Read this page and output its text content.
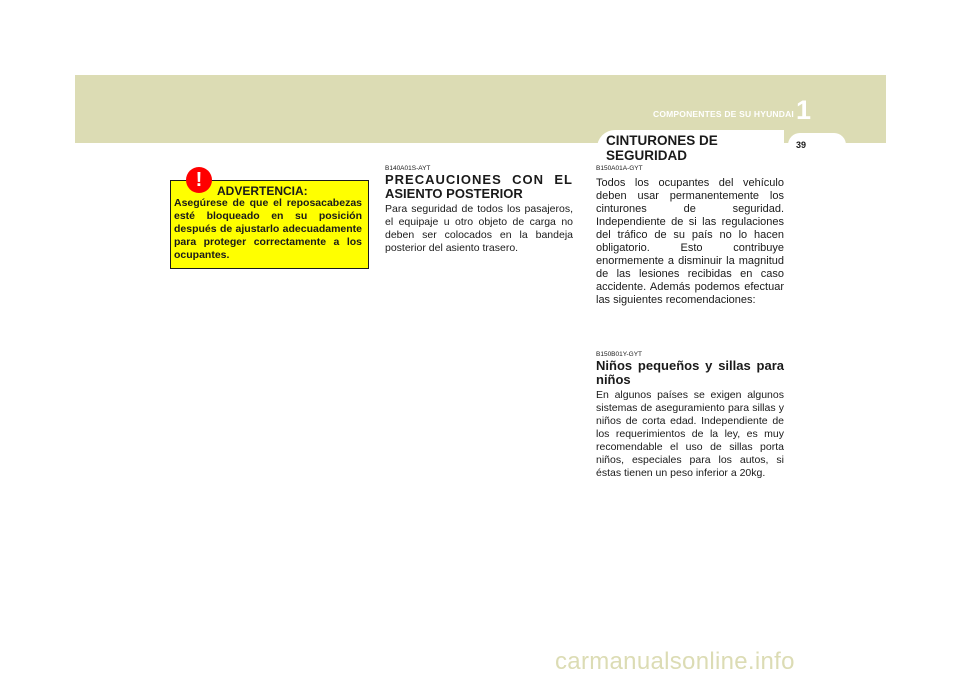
COMPONENTES DE SU HYUNDAI 1
CINTURONES DE
SEGURIDAD
39
!	ADVERTENCIA:
Asegúrese de que el reposacabezas esté bloqueado en su posición después de ajustarlo adecuadamente para proteger correctamente a los ocupantes.
B140A01S-AYT
PRECAUCIONES CON EL
ASIENTO POSTERIOR
Para seguridad de todos los pasajeros, el equipaje u otro objeto de carga no deben ser colocados en la bandeja posterior del asiento trasero.
B150A01A-GYT
Todos los ocupantes del vehículo deben usar permanentemente los cinturones de seguridad. Independiente de si las regulaciones del tráfico de su país no lo hacen obligatorio. Esto contribuye enormemente a disminuir la magnitud de las lesiones recibidas en caso accidente. Además podemos efectuar las siguientes recomendaciones:
B150B01Y-GYT
Niños pequeños y sillas para niños
En algunos países se exigen algunos sistemas de aseguramiento para sillas y niños de corta edad. Independiente de los requerimientos de la ley, es muy recomendable el uso de sillas porta niños, especiales para los autos, si éstas tienen un peso inferior a 20kg.
carmanualsonline.info
